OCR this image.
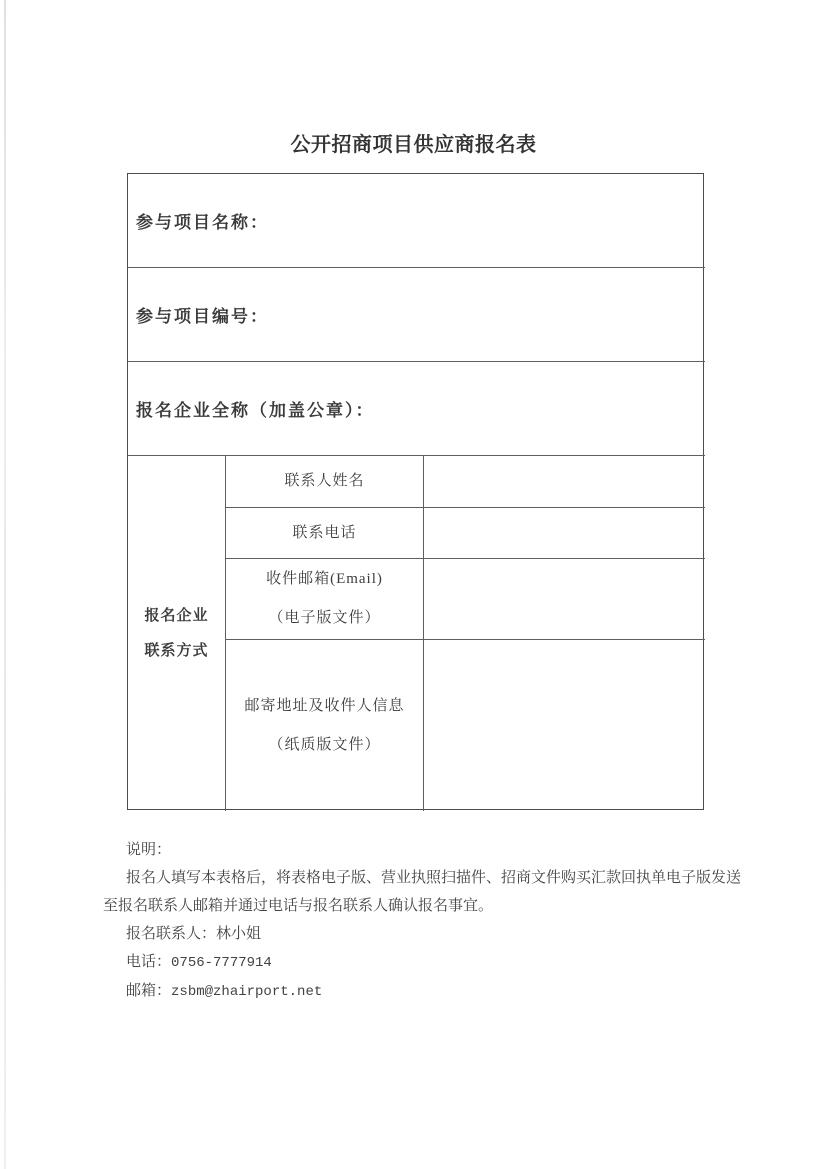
公开招商项目供应商报名表
参与项目名称：
参与项目编号：
报名企业全称（加盖公章）：
报名企业
联系方式
联系人姓名
联系电话
收件邮箱(Email)
（电子版文件）
邮寄地址及收件人信息
（纸质版文件）
说明：
报名人填写本表格后，将表格电子版、营业执照扫描件、招商文件购买汇款回执单电子版发送
至报名联系人邮箱并通过电话与报名联系人确认报名事宜。
报名联系人：林小姐
电话：0756-7777914
邮箱：zsbm@zhairport.net
